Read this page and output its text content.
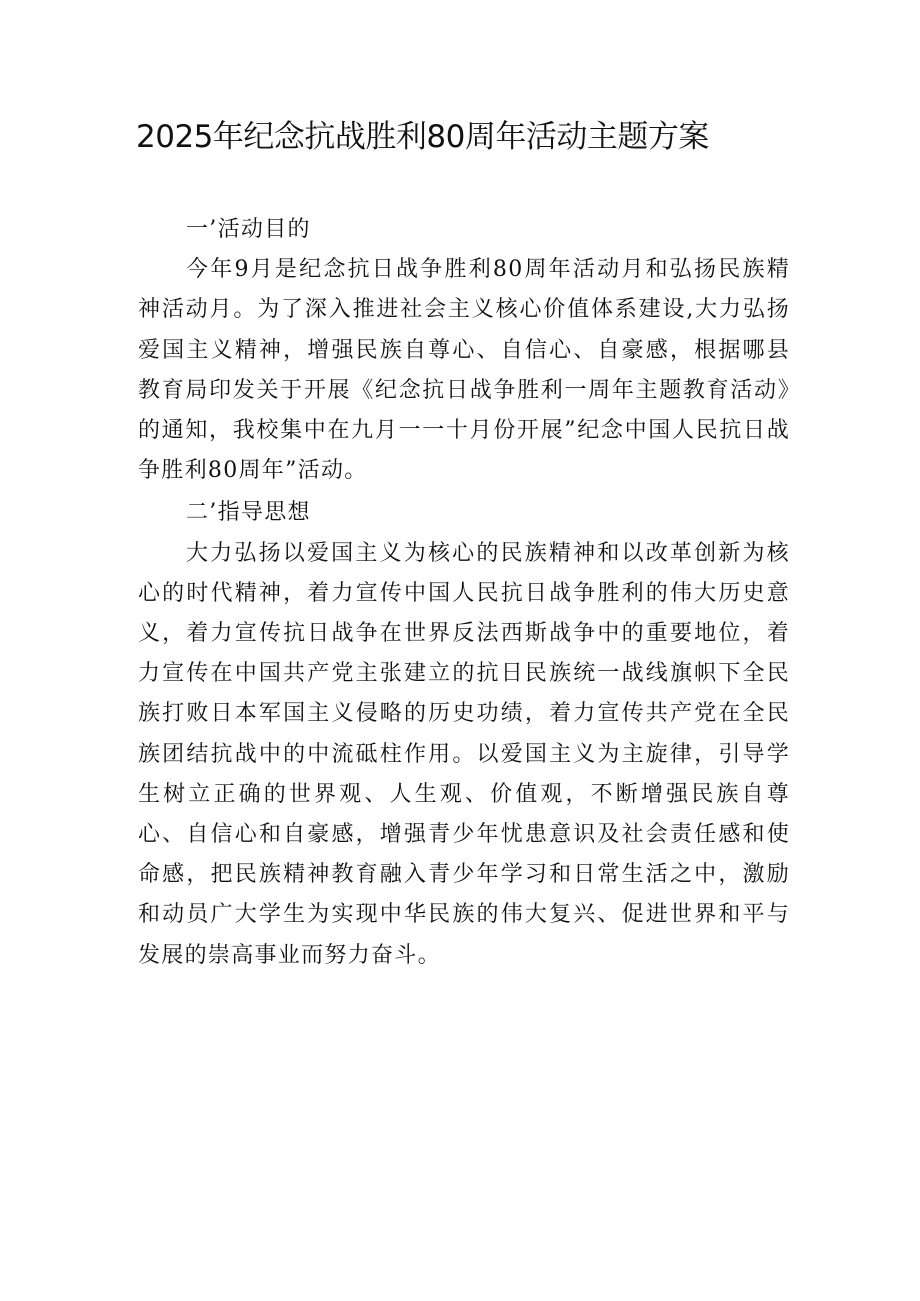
2025年纪念抗战胜利80周年活动主题方案
一’活动目的

今年9月是纪念抗日战争胜利80周年活动月和弘扬民族精神活动月。为了深入推进社会主义核心价值体系建设,大力弘扬爱国主义精神，增强民族自尊心、自信心、自豪感，根据哪县教育局印发关于开展《纪念抗日战争胜利一周年主题教育活动》的通知，我校集中在九月一一十月份开展”纪念中国人民抗日战争胜利80周年”活动。

二’指导思想

大力弘扬以爱国主义为核心的民族精神和以改革创新为核心的时代精神，着力宣传中国人民抗日战争胜利的伟大历史意义，着力宣传抗日战争在世界反法西斯战争中的重要地位，着力宣传在中国共产党主张建立的抗日民族统一战线旗帜下全民族打败日本军国主义侵略的历史功绩，着力宣传共产党在全民族团结抗战中的中流砥柱作用。以爱国主义为主旋律，引导学生树立正确的世界观、人生观、价值观，不断增强民族自尊心、自信心和自豪感，增强青少年忧患意识及社会责任感和使命感，把民族精神教育融入青少年学习和日常生活之中，激励和动员广大学生为实现中华民族的伟大复兴、促进世界和平与发展的崇高事业而努力奋斗。
